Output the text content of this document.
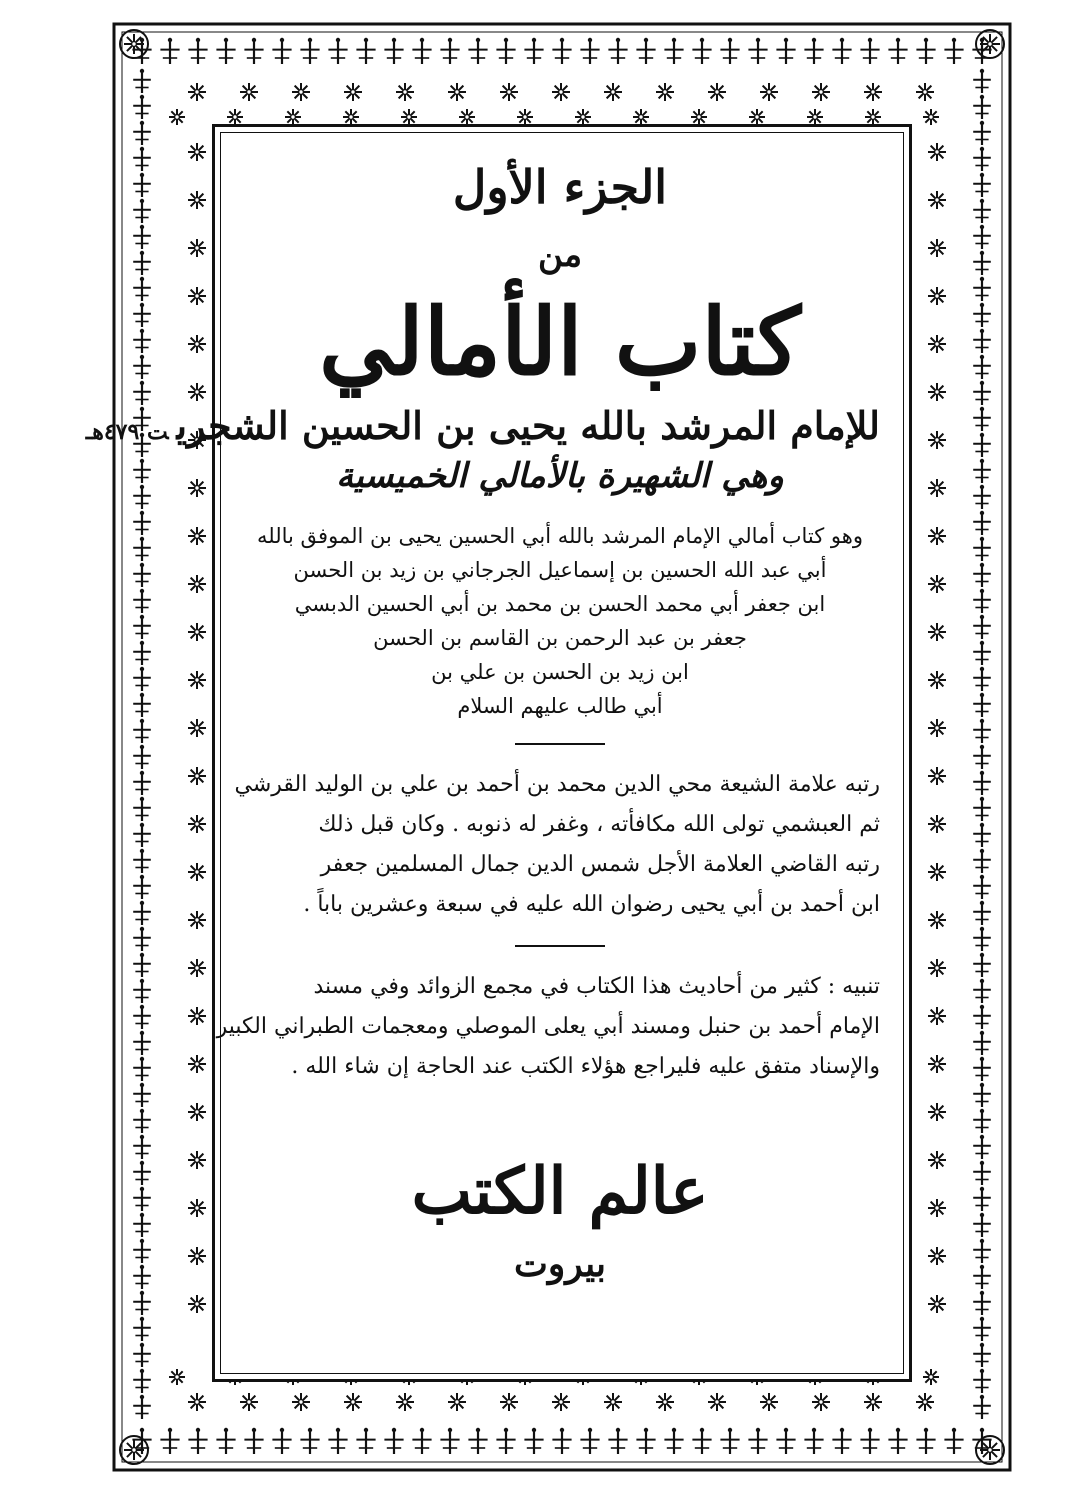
الجزء الأول
من
كتاب الأمالي
للإمام المرشد بالله يحيى بن الحسين الشجريت ٤٧٩هـ
وهي الشهيرة بالأمالي الخميسية
وهو كتاب أمالي الإمام المرشد بالله أبي الحسين يحيى بن الموفق بالله
أبي عبد الله الحسين بن إسماعيل الجرجاني بن زيد بن الحسن
ابن جعفر أبي محمد الحسن بن محمد بن أبي الحسين الدبسي
جعفر بن عبد الرحمن بن القاسم بن الحسن
ابن زيد بن الحسن بن علي بن
أبي طالب عليهم السلام
رتبه علامة الشيعة محي الدين محمد بن أحمد بن علي بن الوليد القرشي
ثم العبشمي تولى الله مكافأته ، وغفر له ذنوبه . وكان قبل ذلك
رتبه القاضي العلامة الأجل شمس الدين جمال المسلمين جعفر
ابن أحمد بن أبي يحيى رضوان الله عليه في سبعة وعشرين باباً .
تنبيه : كثير من أحاديث هذا الكتاب في مجمع الزوائد وفي مسند
الإمام أحمد بن حنبل ومسند أبي يعلى الموصلي ومعجمات الطبراني الكبير
والإسناد متفق عليه فليراجع هؤلاء الكتب عند الحاجة إن شاء الله .
عالم الكتب
بيروت
